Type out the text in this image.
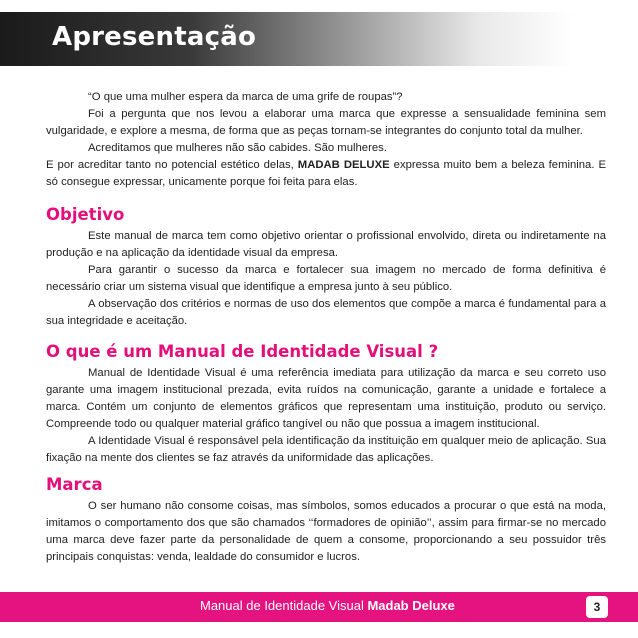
Apresentação

“O que uma mulher espera da marca de uma grife de roupas”?

Foi a pergunta que nos levou a elaborar uma marca que expresse a sensualidade feminina sem vulgaridade, e explore a mesma, de forma que as peças tornam-se integrantes do conjunto total da mulher.

Acreditamos que mulheres não são cabides. São mulheres.

E por acreditar tanto no potencial estético delas, MADAB DELUXE expressa muito bem a beleza feminina. E só consegue expressar, unicamente porque foi feita para elas.

Objetivo

Este manual de marca tem como objetivo orientar o profissional envolvido, direta ou indiretamente na produção e na aplicação da identidade visual da empresa.

Para garantir o sucesso da marca e fortalecer sua imagem no mercado de forma definitiva é necessário criar um sistema visual que identifique a empresa junto à seu público.

A observação dos critérios e normas de uso dos elementos que compõe a marca é fundamental para a sua integridade e aceitação.

O que é um Manual de Identidade Visual ?

Manual de Identidade Visual é uma referência imediata para utilização da marca e seu correto uso garante uma imagem institucional prezada, evita ruídos na comunicação, garante a unidade e fortalece a marca. Contém um conjunto de elementos gráficos que representam uma instituição, produto ou serviço. Compreende todo ou qualquer material gráfico tangível ou não que possua a imagem institucional.

A Identidade Visual é responsável pela identificação da instituição em qualquer meio de aplicação. Sua fixação na mente dos clientes se faz através da uniformidade das aplicações.

Marca

O ser humano não consome coisas, mas símbolos, somos educados a procurar o que está na moda, imitamos o comportamento dos que são chamados ‘‘formadores de opinião’’, assim para firmar-se no mercado uma marca deve fazer parte da personalidade de quem a consome, proporcionando a seu possuidor três principais conquistas: venda, lealdade do consumidor e lucros.

Manual de Identidade Visual Madab Deluxe	3
